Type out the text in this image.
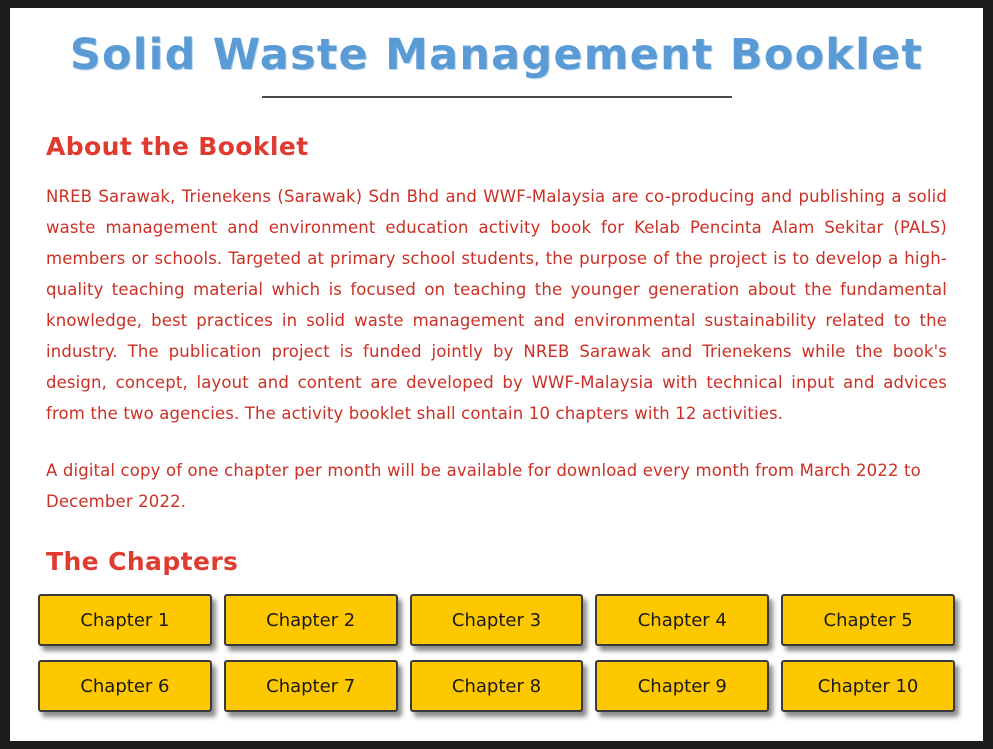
Solid Waste Management Booklet
About the Booklet

NREB Sarawak, Trienekens (Sarawak) Sdn Bhd and WWF-Malaysia are co-producing and publishing a solid waste management and environment education activity book for Kelab Pencinta Alam Sekitar (PALS) members or schools. Targeted at primary school students, the purpose of the project is to develop a high-quality teaching material which is focused on teaching the younger generation about the fundamental knowledge, best practices in solid waste management and environmental sustainability related to the industry. The publication project is funded jointly by NREB Sarawak and Trienekens while the book's design, concept, layout and content are developed by WWF-Malaysia with technical input and advices from the two agencies. The activity booklet shall contain 10 chapters with 12 activities.

A digital copy of one chapter per month will be available for download every month from March 2022 to December 2022.

The Chapters
Chapter 1	Chapter 2	Chapter 3	Chapter 4	Chapter 5
Chapter 6	Chapter 7	Chapter 8	Chapter 9	Chapter 10
